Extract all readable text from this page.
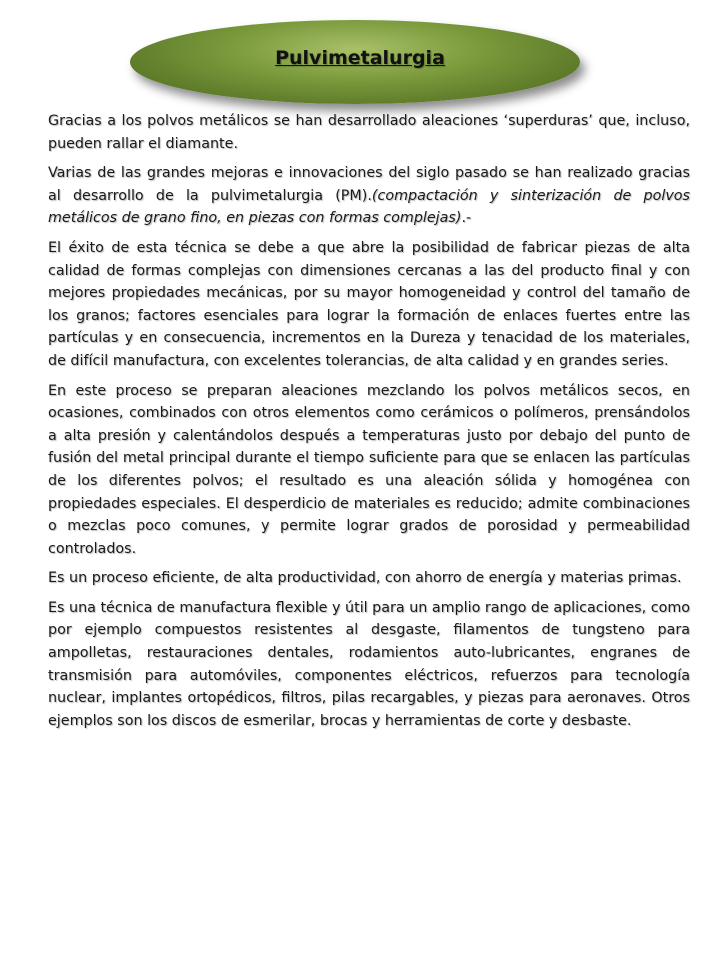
Pulvimetalurgia

Gracias a los polvos metálicos se han desarrollado aleaciones ‘superduras’ que, incluso, pueden rallar el diamante.

Varias de las grandes mejoras e innovaciones del siglo pasado se han realizado gracias al desarrollo de la pulvimetalurgia (PM).(compactación y sinterización de polvos metálicos de grano fino, en piezas con formas complejas).-

El éxito de esta técnica se debe a que abre la posibilidad de fabricar piezas de alta calidad de formas complejas con dimensiones cercanas a las del producto final y con mejores propiedades mecánicas, por su mayor homogeneidad y control del tamaño de los granos; factores esenciales para lograr la formación de enlaces fuertes entre las partículas y en consecuencia, incrementos en la Dureza y tenacidad de los materiales, de difícil manufactura, con excelentes tolerancias, de alta calidad y en grandes series.

En este proceso se preparan aleaciones mezclando los polvos metálicos secos, en ocasiones, combinados con otros elementos como cerámicos o polímeros, prensándolos a alta presión y calentándolos después a temperaturas justo por debajo del punto de fusión del metal principal durante el tiempo suficiente para que se enlacen las partículas de los diferentes polvos; el resultado es una aleación sólida y homogénea con propiedades especiales. El desperdicio de materiales es reducido; admite combinaciones o mezclas poco comunes, y permite lograr grados de porosidad y permeabilidad controlados.

Es un proceso eficiente, de alta productividad, con ahorro de energía y materias primas.

Es una técnica de manufactura flexible y útil para un amplio rango de aplicaciones, como por ejemplo compuestos resistentes al desgaste, filamentos de tungsteno para ampolletas, restauraciones dentales, rodamientos auto-lubricantes, engranes de transmisión para automóviles, componentes eléctricos, refuerzos para tecnología nuclear, implantes ortopédicos, filtros, pilas recargables, y piezas para aeronaves. Otros ejemplos son los discos de esmerilar, brocas y herramientas de corte y desbaste.
